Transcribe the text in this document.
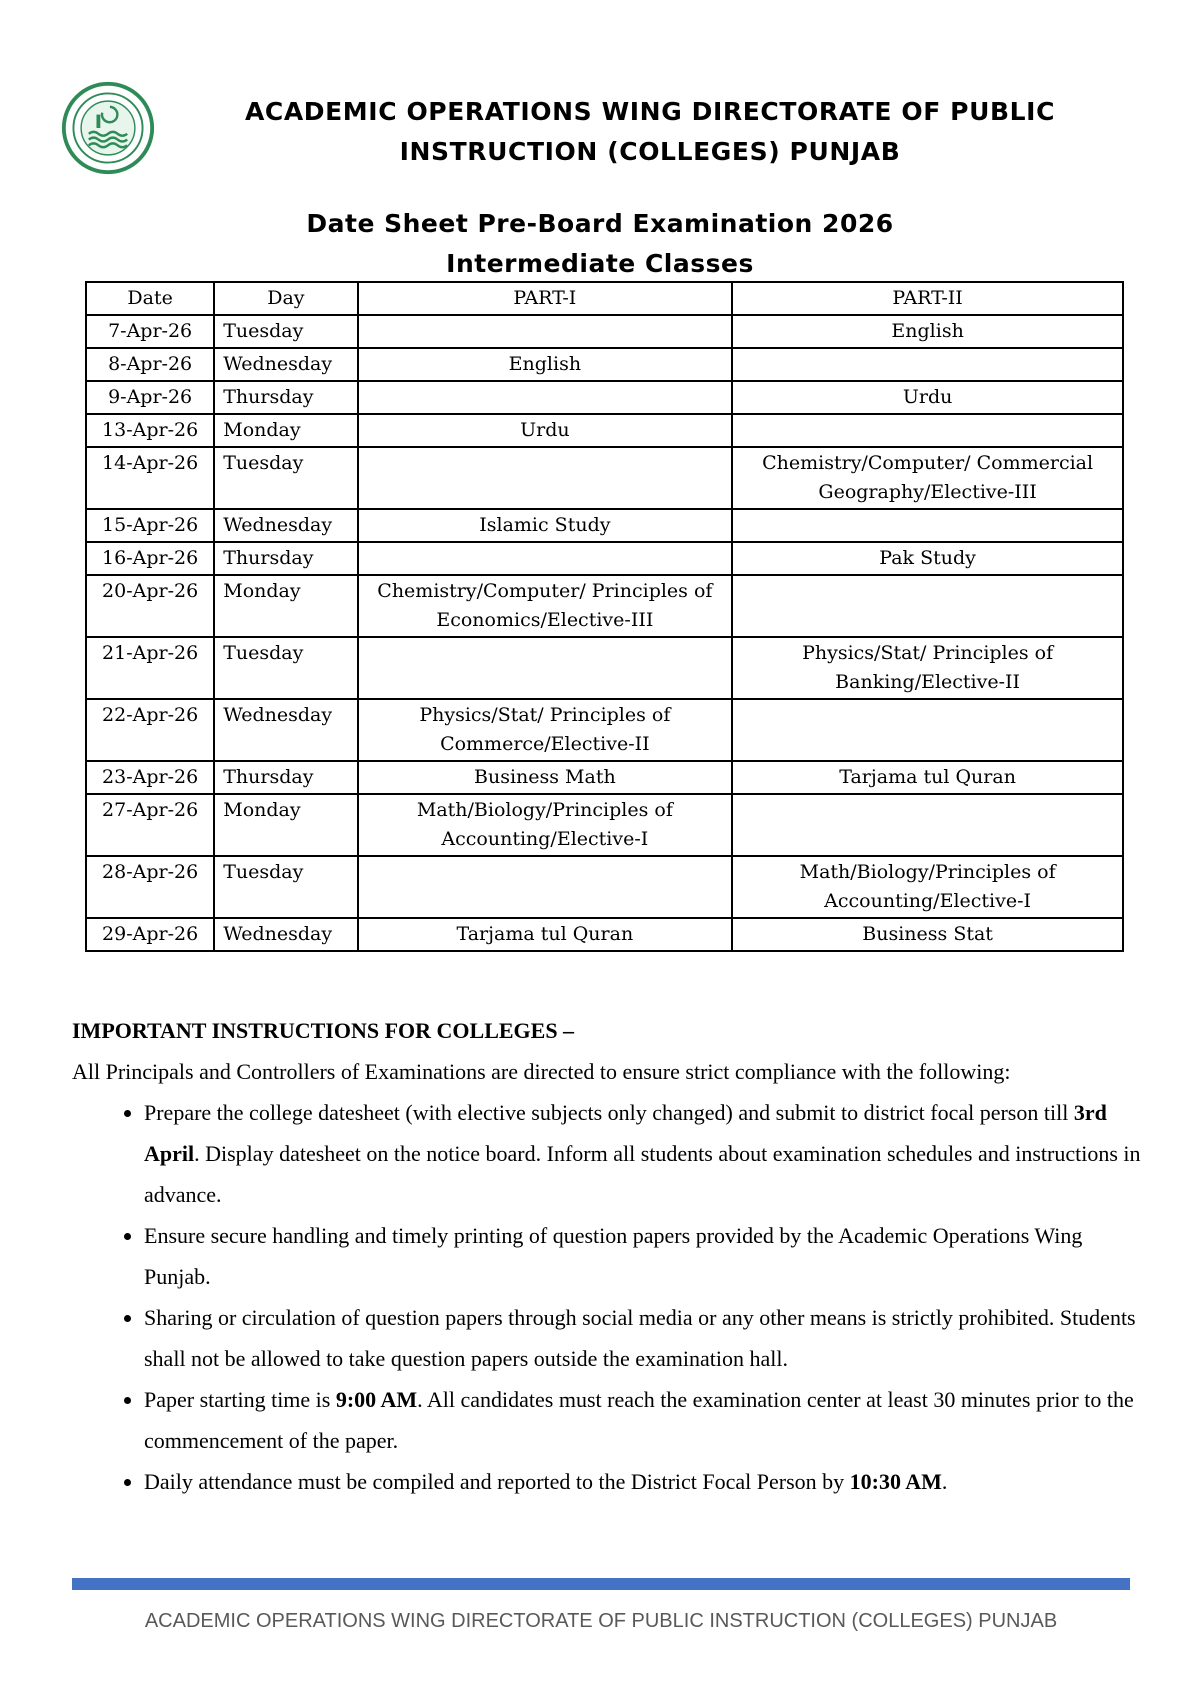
ACADEMIC OPERATIONS WING DIRECTORATE OF PUBLIC
INSTRUCTION (COLLEGES) PUNJAB
Date Sheet Pre-Board Examination 2026
Intermediate Classes
Date	Day	PART-I	PART-II
7-Apr-26	Tuesday		English
8-Apr-26	Wednesday	English	
9-Apr-26	Thursday		Urdu
13-Apr-26	Monday	Urdu	
14-Apr-26	Tuesday		Chemistry/Computer/ Commercial Geography/Elective-III
15-Apr-26	Wednesday	Islamic Study	
16-Apr-26	Thursday		Pak Study
20-Apr-26	Monday	Chemistry/Computer/ Principles of Economics/Elective-III	
21-Apr-26	Tuesday		Physics/Stat/ Principles of Banking/Elective-II
22-Apr-26	Wednesday	Physics/Stat/ Principles of Commerce/Elective-II	
23-Apr-26	Thursday	Business Math	Tarjama tul Quran
27-Apr-26	Monday	Math/Biology/Principles of Accounting/Elective-I	
28-Apr-26	Tuesday		Math/Biology/Principles of Accounting/Elective-I
29-Apr-26	Wednesday	Tarjama tul Quran	Business Stat
IMPORTANT INSTRUCTIONS FOR COLLEGES –
All Principals and Controllers of Examinations are directed to ensure strict compliance with the following:
• Prepare the college datesheet (with elective subjects only changed) and submit to district focal person till 3rd April. Display datesheet on the notice board. Inform all students about examination schedules and instructions in advance.
• Ensure secure handling and timely printing of question papers provided by the Academic Operations Wing Punjab.
• Sharing or circulation of question papers through social media or any other means is strictly prohibited. Students shall not be allowed to take question papers outside the examination hall.
• Paper starting time is 9:00 AM. All candidates must reach the examination center at least 30 minutes prior to the commencement of the paper.
• Daily attendance must be compiled and reported to the District Focal Person by 10:30 AM.
ACADEMIC OPERATIONS WING DIRECTORATE OF PUBLIC INSTRUCTION (COLLEGES) PUNJAB
